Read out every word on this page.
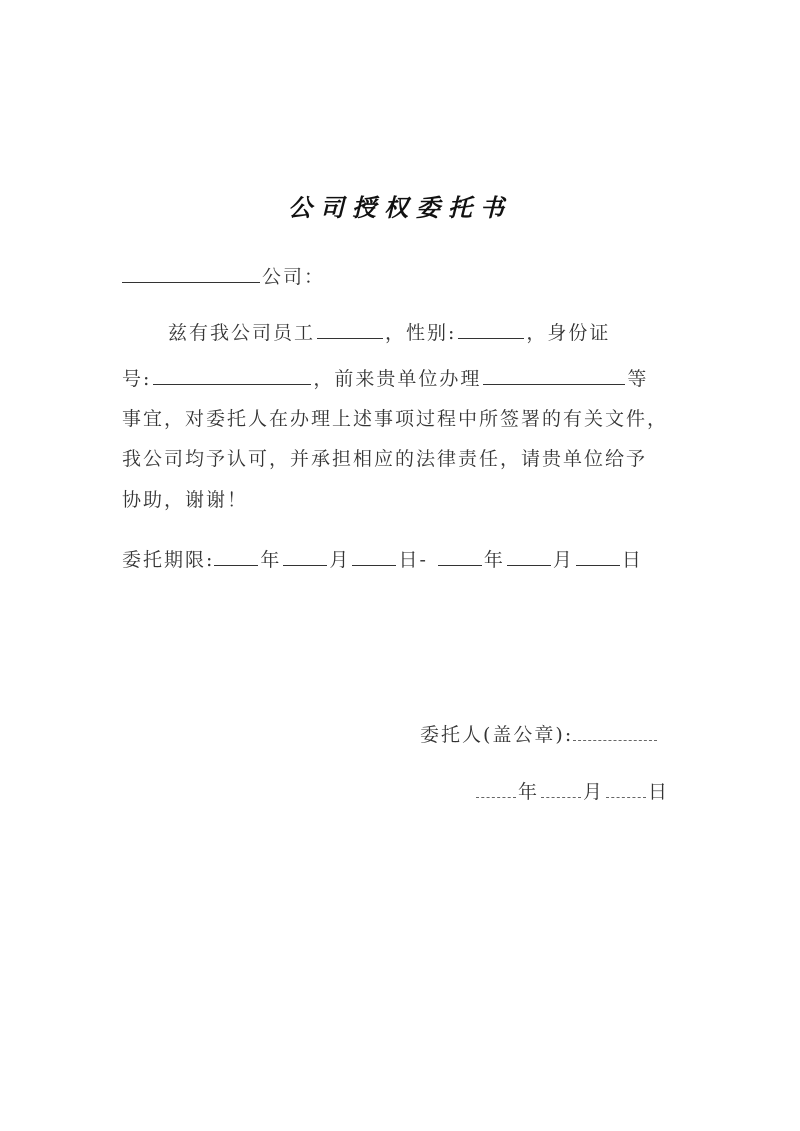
公司授权委托书
公司：
兹有我公司员工	，性别:	，身份证
号:	，前来贵单位办理	等
事宜，对委托人在办理上述事项过程中所签署的有关文件，
我公司均予认可，并承担相应的法律责任，请贵单位给予
协助，谢谢！
委托期限: 年	月	日-	年	月	日
委托人(盖公章):
年 月 日
